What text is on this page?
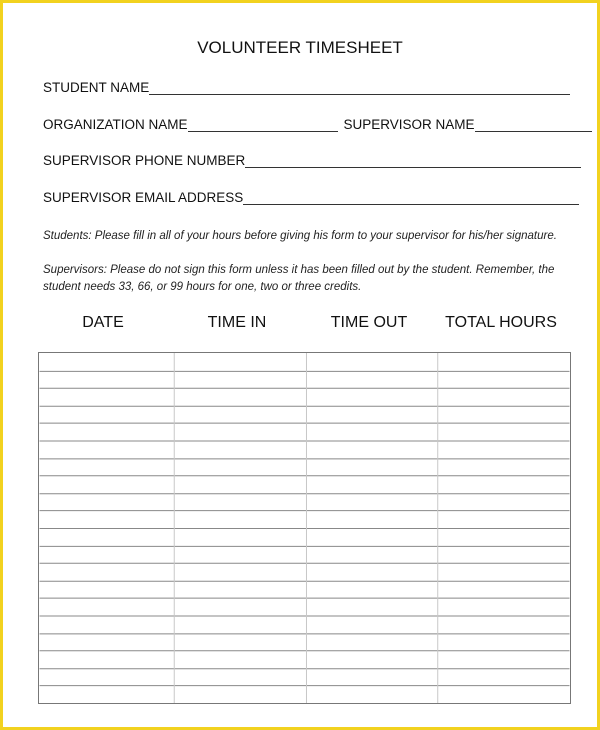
VOLUNTEER TIMESHEET
STUDENT NAME
ORGANIZATION NAME	SUPERVISOR NAME
SUPERVISOR PHONE NUMBER
SUPERVISOR EMAIL ADDRESS
Students: Please fill in all of your hours before giving his form to your supervisor for his/her signature.
Supervisors: Please do not sign this form unless it has been filled out by the student. Remember, the student needs 33, 66, or 99 hours for one, two or three credits.
DATE	TIME IN	TIME OUT	TOTAL HOURS
